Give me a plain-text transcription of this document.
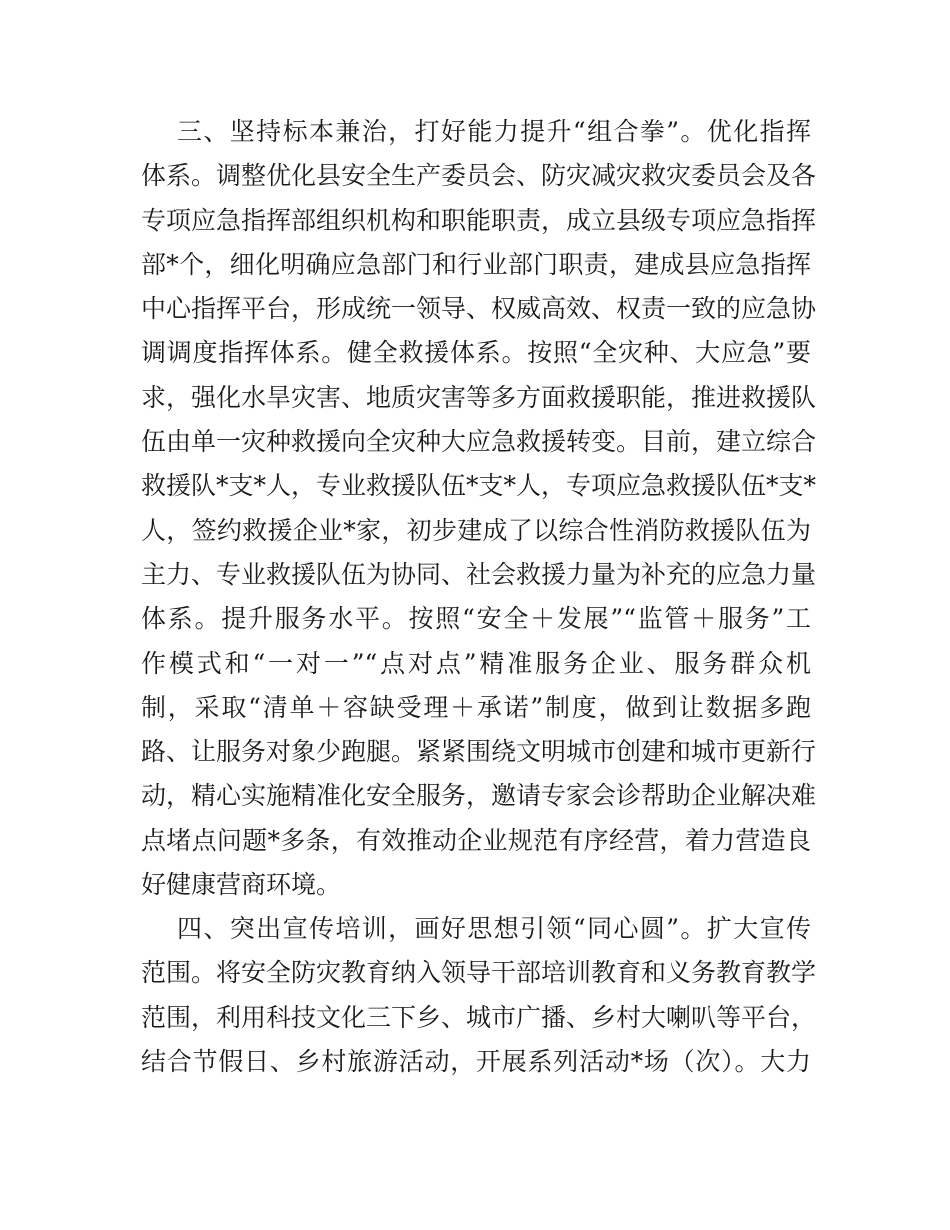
三、坚持标本兼治，打好能力提升“组合拳”。优化指挥
体系。调整优化县安全生产委员会、防灾减灾救灾委员会及各
专项应急指挥部组织机构和职能职责，成立县级专项应急指挥
部*个，细化明确应急部门和行业部门职责，建成县应急指挥
中心指挥平台，形成统一领导、权威高效、权责一致的应急协
调调度指挥体系。健全救援体系。按照“全灾种、大应急”要
求，强化水旱灾害、地质灾害等多方面救援职能，推进救援队
伍由单一灾种救援向全灾种大应急救援转变。目前，建立综合
救援队*支*人，专业救援队伍*支*人，专项应急救援队伍*支*
人，签约救援企业*家，初步建成了以综合性消防救援队伍为
主力、专业救援队伍为协同、社会救援力量为补充的应急力量
体系。提升服务水平。按照“安全＋发展”“监管＋服务”工
作模式和“一对一”“点对点”精准服务企业、服务群众机
制，采取“清单＋容缺受理＋承诺”制度，做到让数据多跑
路、让服务对象少跑腿。紧紧围绕文明城市创建和城市更新行
动，精心实施精准化安全服务，邀请专家会诊帮助企业解决难
点堵点问题*多条，有效推动企业规范有序经营，着力营造良
好健康营商环境。
四、突出宣传培训，画好思想引领“同心圆”。扩大宣传
范围。将安全防灾教育纳入领导干部培训教育和义务教育教学
范围，利用科技文化三下乡、城市广播、乡村大喇叭等平台，
结合节假日、乡村旅游活动，开展系列活动*场（次）。大力
